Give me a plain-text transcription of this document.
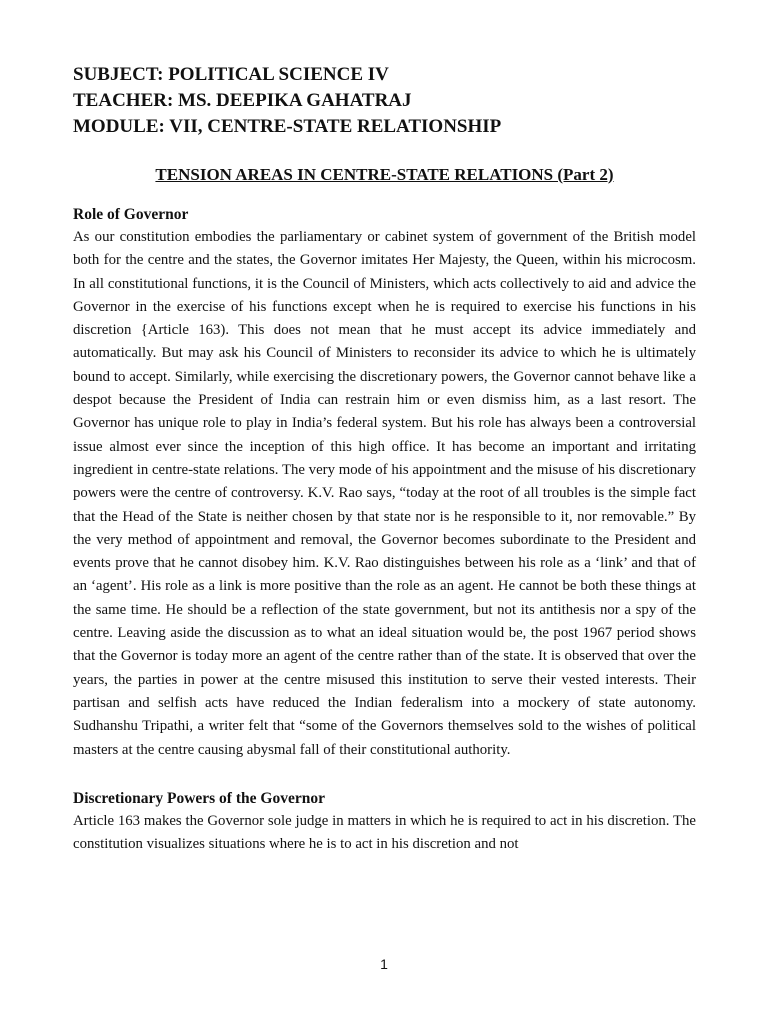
SUBJECT: POLITICAL SCIENCE IV

TEACHER: MS. DEEPIKA GAHATRAJ

MODULE: VII, CENTRE-STATE RELATIONSHIP

TENSION AREAS IN CENTRE-STATE RELATIONS (Part 2)

Role of Governor

As our constitution embodies the parliamentary or cabinet system of government of the British model both for the centre and the states, the Governor imitates Her Majesty, the Queen, within his microcosm. In all constitutional functions, it is the Council of Ministers, which acts collectively to aid and advice the Governor in the exercise of his functions except when he is required to exercise his functions in his discretion {Article 163). This does not mean that he must accept its advice immediately and automatically. But may ask his Council of Ministers to reconsider its advice to which he is ultimately bound to accept. Similarly, while exercising the discretionary powers, the Governor cannot behave like a despot because the President of India can restrain him or even dismiss him, as a last resort. The Governor has unique role to play in India’s federal system. But his role has always been a controversial issue almost ever since the inception of this high office. It has become an important and irritating ingredient in centre-state relations. The very mode of his appointment and the misuse of his discretionary powers were the centre of controversy. K.V. Rao says, “today at the root of all troubles is the simple fact that the Head of the State is neither chosen by that state nor is he responsible to it, nor removable.” By the very method of appointment and removal, the Governor becomes subordinate to the President and events prove that he cannot disobey him. K.V. Rao distinguishes between his role as a ‘link’ and that of an ‘agent’. His role as a link is more positive than the role as an agent. He cannot be both these things at the same time. He should be a reflection of the state government, but not its antithesis nor a spy of the centre. Leaving aside the discussion as to what an ideal situation would be, the post 1967 period shows that the Governor is today more an agent of the centre rather than of the state. It is observed that over the years, the parties in power at the centre misused this institution to serve their vested interests. Their partisan and selfish acts have reduced the Indian federalism into a mockery of state autonomy. Sudhanshu Tripathi, a writer felt that “some of the Governors themselves sold to the wishes of political masters at the centre causing abysmal fall of their constitutional authority.

Discretionary Powers of the Governor

Article 163 makes the Governor sole judge in matters in which he is required to act in his discretion. The constitution visualizes situations where he is to act in his discretion and not

1
